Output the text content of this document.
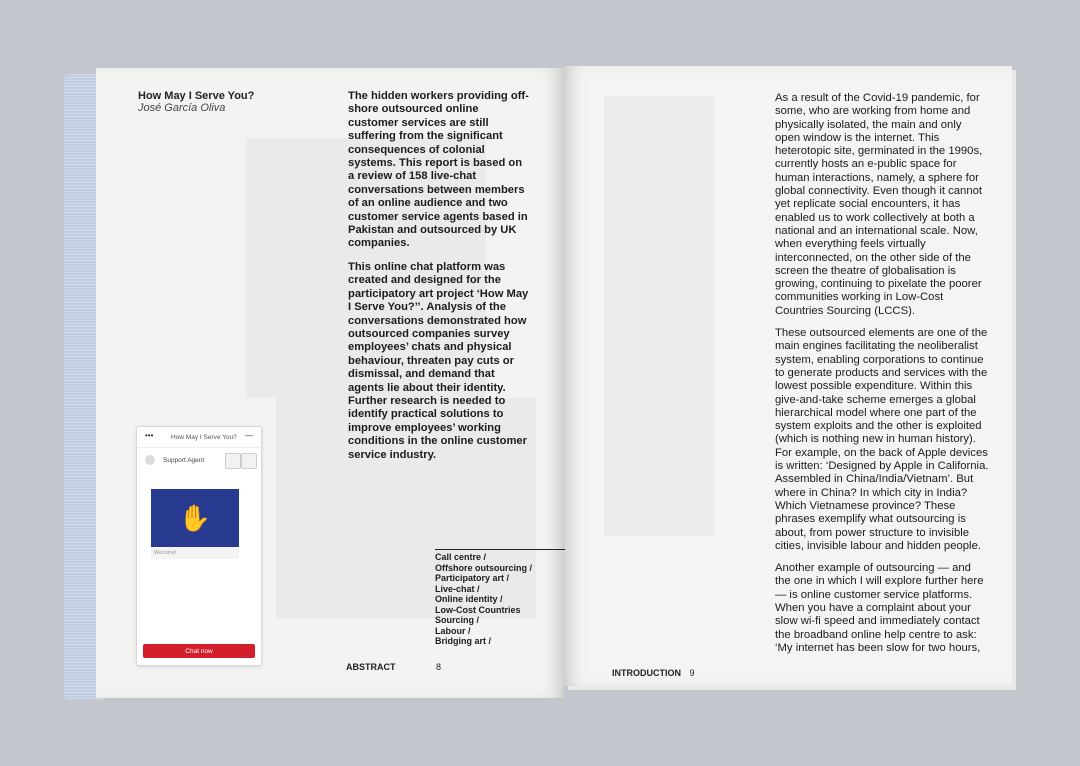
How May I Serve You?

José García Oliva

The hidden workers providing off-shore outsourced online customer services are still suffering from the significant consequences of colonial systems. This report is based on a review of 158 live-chat conversations between members of an online audience and two customer service agents based in Pakistan and outsourced by UK companies.

This online chat platform was created and designed for the participatory art project ‘How May I Serve You?’’. Analysis of the conversations demonstrated how outsourced companies survey employees’ chats and physical behaviour, threaten pay cuts or dismissal, and demand that agents lie about their identity. Further research is needed to identify practical solutions to improve employees’ working conditions in the online customer service industry.

Call centre /
Offshore outsourcing /
Participatory art /
Live-chat /
Online identity /
Low-Cost Countries
Sourcing /
Labour /
Bridging art /
•••	How May I Serve You? —
Support Agent
✋
Welcome!
Chat now
ABSTRACT	8

As a result of the Covid-19 pandemic, for some, who are working from home and physically isolated, the main and only open window is the internet. This heterotopic site, germinated in the 1990s, currently hosts an e-public space for human interactions, namely, a sphere for global connectivity. Even though it cannot yet replicate social encounters, it has enabled us to work collectively at both a national and an international scale. Now, when everything feels virtually interconnected, on the other side of the screen the theatre of globalisation is growing, continuing to pixelate the poorer communities working in Low-Cost Countries Sourcing (LCCS).

These outsourced elements are one of the main engines facilitating the neoliberalist system, enabling corporations to continue to generate products and services with the lowest possible expenditure. Within this give-and-take scheme emerges a global hierarchical model where one part of the system exploits and the other is exploited (which is nothing new in human history). For example, on the back of Apple devices is written: ‘Designed by Apple in California. Assembled in China/India/Vietnam’. But where in China? In which city in India? Which Vietnamese province? These phrases exemplify what outsourcing is about, from power structure to invisible cities, invisible labour and hidden people.

Another example of outsourcing — and the one in which I will explore further here — is online customer service platforms. When you have a complaint about your slow wi-fi speed and immediately contact the broadband online help centre to ask: ‘My internet has been slow for two hours,

INTRODUCTION 9
